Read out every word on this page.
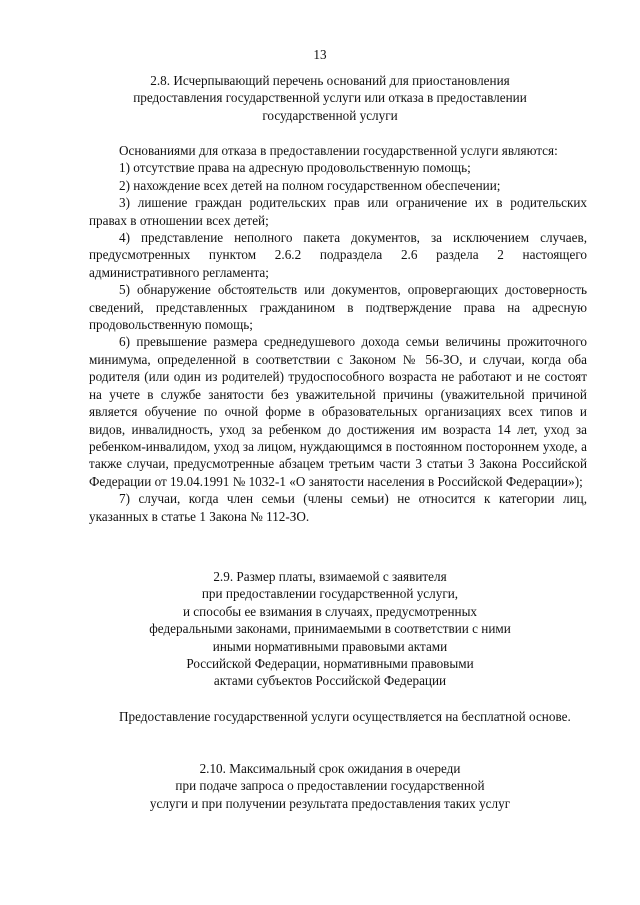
13
2.8. Исчерпывающий перечень оснований для приостановления
предоставления государственной услуги или отказа в предоставлении
государственной услуги

Основаниями для отказа в предоставлении государственной услуги являются:

1) отсутствие права на адресную продовольственную помощь;
2) нахождение всех детей на полном государственном обеспечении;
3) лишение граждан родительских прав или ограничение их в родительских правах в отношении всех детей;
4) представление неполного пакета документов, за исключением случаев, предусмотренных пунктом 2.6.2 подраздела 2.6 раздела 2 настоящего административного регламента;
5) обнаружение обстоятельств или документов, опровергающих достоверность сведений, представленных гражданином в подтверждение права на адресную продовольственную помощь;
6) превышение размера среднедушевого дохода семьи величины прожиточного минимума, определенной в соответствии с Законом № 56-ЗО, и случаи, когда оба родителя (или один из родителей) трудоспособного возраста не работают и не состоят на учете в службе занятости без уважительной причины (уважительной причиной является обучение по очной форме в образовательных организациях всех типов и видов, инвалидность, уход за ребенком до достижения им возраста 14 лет, уход за ребенком-инвалидом, уход за лицом, нуждающимся в постоянном постороннем уходе, а также случаи, предусмотренные абзацем третьим части 3 статьи 3 Закона Российской Федерации от 19.04.1991 № 1032-1 «О занятости населения в Российской Федерации»);
7) случаи, когда член семьи (члены семьи) не относится к категории лиц, указанных в статье 1 Закона № 112-ЗО.
2.9. Размер платы, взимаемой с заявителя
при предоставлении государственной услуги,
и способы ее взимания в случаях, предусмотренных
федеральными законами, принимаемыми в соответствии с ними
иными нормативными правовыми актами
Российской Федерации, нормативными правовыми
актами субъектов Российской Федерации

Предоставление государственной услуги осуществляется на бесплатной основе.

2.10. Максимальный срок ожидания в очереди
при подаче запроса о предоставлении государственной
услуги и при получении результата предоставления таких услуг
